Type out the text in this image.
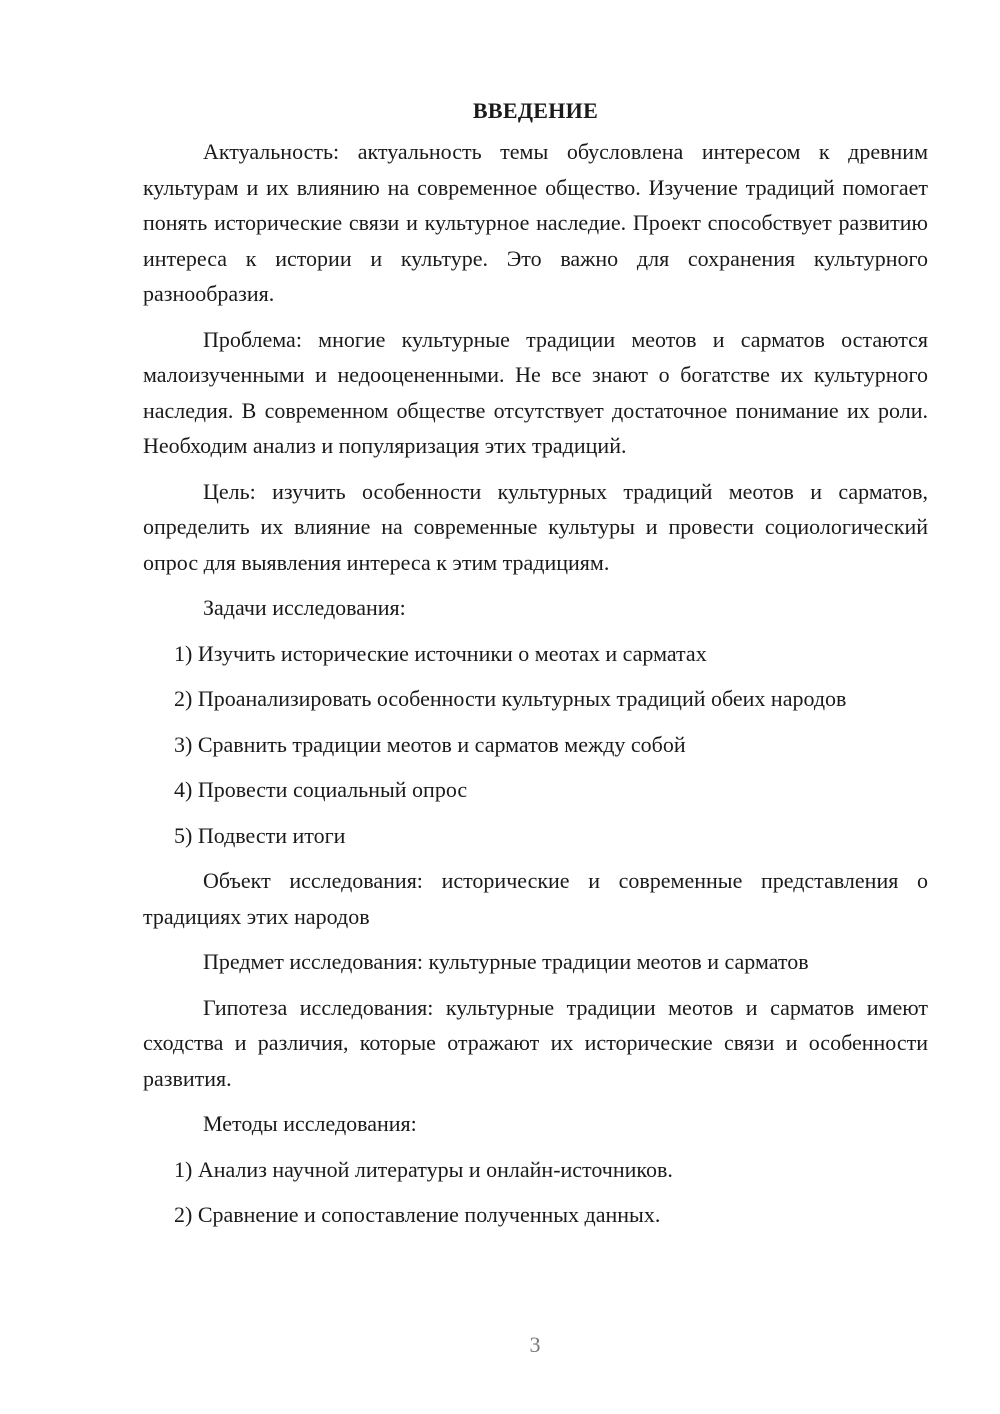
ВВЕДЕНИЕ

Актуальность: актуальность темы обусловлена интересом к древним культурам и их влиянию на современное общество. Изучение традиций помогает понять исторические связи и культурное наследие. Проект способствует развитию интереса к истории и культуре. Это важно для сохранения культурного разнообразия.

Проблема: многие культурные традиции меотов и сарматов остаются малоизученными и недооцененными. Не все знают о богатстве их культурного наследия. В современном обществе отсутствует достаточное понимание их роли. Необходим анализ и популяризация этих традиций.

Цель: изучить особенности культурных традиций меотов и сарматов, определить их влияние на современные культуры и провести социологический опрос для выявления интереса к этим традициям.

Задачи исследования:

1) Изучить исторические источники о меотах и сарматах

2) Проанализировать особенности культурных традиций обеих народов

3) Сравнить традиции меотов и сарматов между собой

4) Провести социальный опрос

5) Подвести итоги

Объект исследования: исторические и современные представления о традициях этих народов

Предмет исследования: культурные традиции меотов и сарматов

Гипотеза исследования: культурные традиции меотов и сарматов имеют сходства и различия, которые отражают их исторические связи и особенности развития.

Методы исследования:

1) Анализ научной литературы и онлайн-источников.

2) Сравнение и сопоставление полученных данных.

3
